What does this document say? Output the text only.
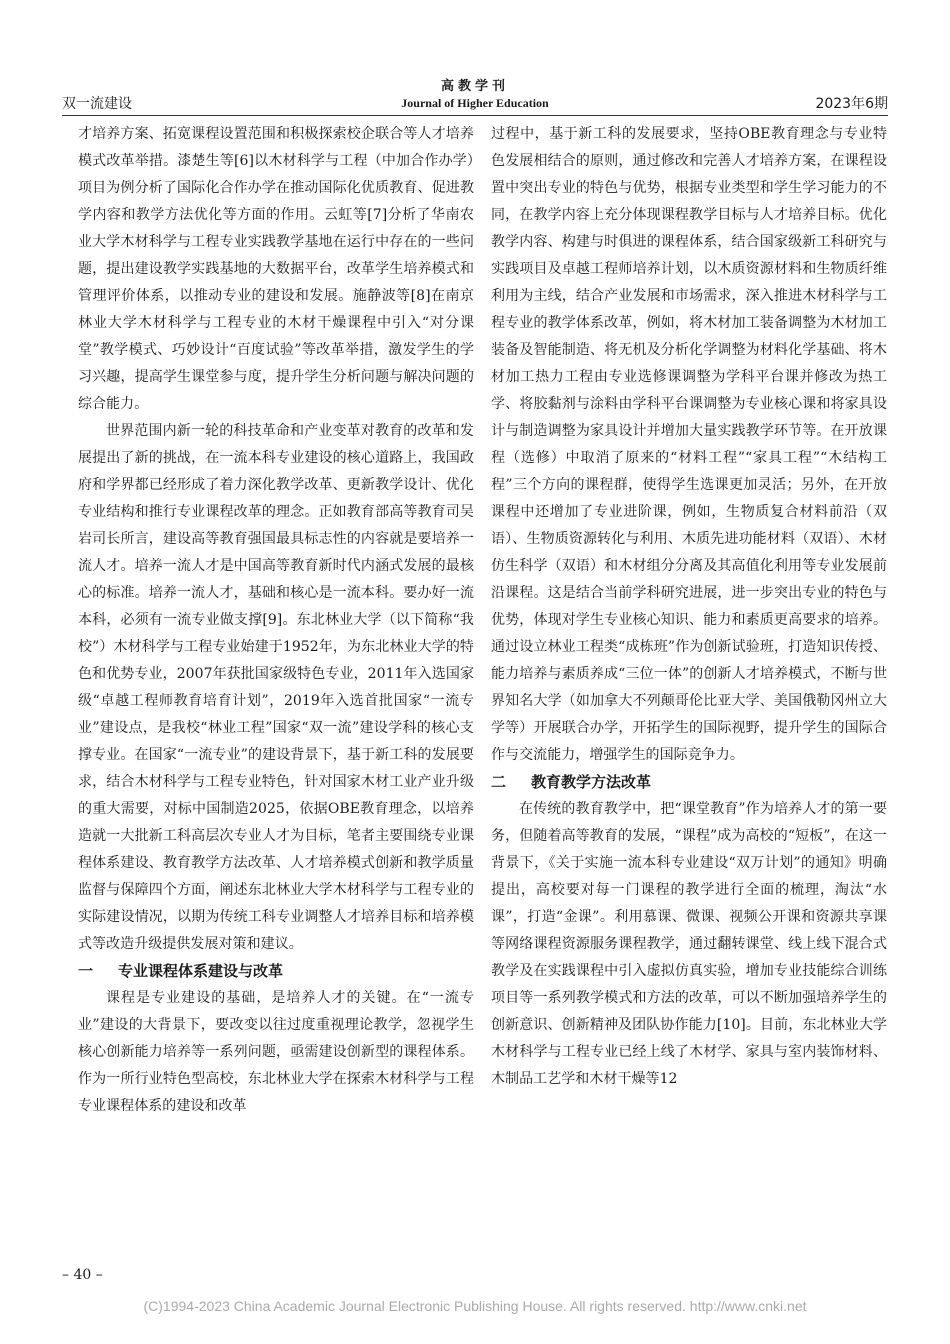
高教学刊
Journal of Higher Education
双一流建设	2023年6期

才培养方案、拓宽课程设置范围和积极探索校企联合等人才培养模式改革举措。漆楚生等[6]以木材科学与工程（中加合作办学）项目为例分析了国际化合作办学在推动国际化优质教育、促进教学内容和教学方法优化等方面的作用。云虹等[7]分析了华南农业大学木材科学与工程专业实践教学基地在运行中存在的一些问题，提出建设教学实践基地的大数据平台，改革学生培养模式和管理评价体系，以推动专业的建设和发展。施静波等[8]在南京林业大学木材科学与工程专业的木材干燥课程中引入“对分课堂”教学模式、巧妙设计“百度试验”等改革举措，激发学生的学习兴趣，提高学生课堂参与度，提升学生分析问题与解决问题的综合能力。

世界范围内新一轮的科技革命和产业变革对教育的改革和发展提出了新的挑战，在一流本科专业建设的核心道路上，我国政府和学界都已经形成了着力深化教学改革、更新教学设计、优化专业结构和推行专业课程改革的理念。正如教育部高等教育司吴岩司长所言，建设高等教育强国最具标志性的内容就是要培养一流人才。培养一流人才是中国高等教育新时代内涵式发展的最核心的标准。培养一流人才，基础和核心是一流本科。要办好一流本科，必须有一流专业做支撑[9]。东北林业大学（以下简称“我校”）木材科学与工程专业始建于1952年，为东北林业大学的特色和优势专业，2007年获批国家级特色专业，2011年入选国家级“卓越工程师教育培育计划”，2019年入选首批国家“一流专业”建设点，是我校“林业工程”国家“双一流”建设学科的核心支撑专业。在国家“一流专业”的建设背景下，基于新工科的发展要求，结合木材科学与工程专业特色，针对国家木材工业产业升级的重大需要，对标中国制造2025，依据OBE教育理念，以培养造就一大批新工科高层次专业人才为目标，笔者主要围绕专业课程体系建设、教育教学方法改革、人才培养模式创新和教学质量监督与保障四个方面，阐述东北林业大学木材科学与工程专业的实际建设情况，以期为传统工科专业调整人才培养目标和培养模式等改造升级提供发展对策和建议。

一 专业课程体系建设与改革

课程是专业建设的基础，是培养人才的关键。在“一流专业”建设的大背景下，要改变以往过度重视理论教学，忽视学生核心创新能力培养等一系列问题，亟需建设创新型的课程体系。作为一所行业特色型高校，东北林业大学在探索木材科学与工程专业课程体系的建设和改革

过程中，基于新工科的发展要求，坚持OBE教育理念与专业特色发展相结合的原则，通过修改和完善人才培养方案，在课程设置中突出专业的特色与优势，根据专业类型和学生学习能力的不同，在教学内容上充分体现课程教学目标与人才培养目标。优化教学内容、构建与时俱进的课程体系，结合国家级新工科研究与实践项目及卓越工程师培养计划，以木质资源材料和生物质纤维利用为主线，结合产业发展和市场需求，深入推进木材科学与工程专业的教学体系改革，例如，将木材加工装备调整为木材加工装备及智能制造、将无机及分析化学调整为材料化学基础、将木材加工热力工程由专业选修课调整为学科平台课并修改为热工学、将胶黏剂与涂料由学科平台课调整为专业核心课和将家具设计与制造调整为家具设计并增加大量实践教学环节等。在开放课程（选修）中取消了原来的“材料工程”“家具工程”“木结构工程”三个方向的课程群，使得学生选课更加灵活；另外，在开放课程中还增加了专业进阶课，例如，生物质复合材料前沿（双语）、生物质资源转化与利用、木质先进功能材料（双语）、木材仿生科学（双语）和木材组分分离及其高值化利用等专业发展前沿课程。这是结合当前学科研究进展，进一步突出专业的特色与优势，体现对学生专业核心知识、能力和素质更高要求的培养。通过设立林业工程类“成栋班”作为创新试验班，打造知识传授、能力培养与素质养成“三位一体”的创新人才培养模式，不断与世界知名大学（如加拿大不列颠哥伦比亚大学、美国俄勒冈州立大学等）开展联合办学，开拓学生的国际视野，提升学生的国际合作与交流能力，增强学生的国际竞争力。

二 教育教学方法改革

在传统的教育教学中，把“课堂教育”作为培养人才的第一要务，但随着高等教育的发展，“课程”成为高校的“短板”，在这一背景下，《关于实施一流本科专业建设“双万计划”的通知》明确提出，高校要对每一门课程的教学进行全面的梳理，淘汰“水课”，打造“金课”。利用慕课、微课、视频公开课和资源共享课等网络课程资源服务课程教学，通过翻转课堂、线上线下混合式教学及在实践课程中引入虚拟仿真实验，增加专业技能综合训练项目等一系列教学模式和方法的改革，可以不断加强培养学生的创新意识、创新精神及团队协作能力[10]。目前，东北林业大学木材科学与工程专业已经上线了木材学、家具与室内装饰材料、木制品工艺学和木材干燥等12

– 40 –
(C)1994-2023 China Academic Journal Electronic Publishing House. All rights reserved. http://www.cnki.net
